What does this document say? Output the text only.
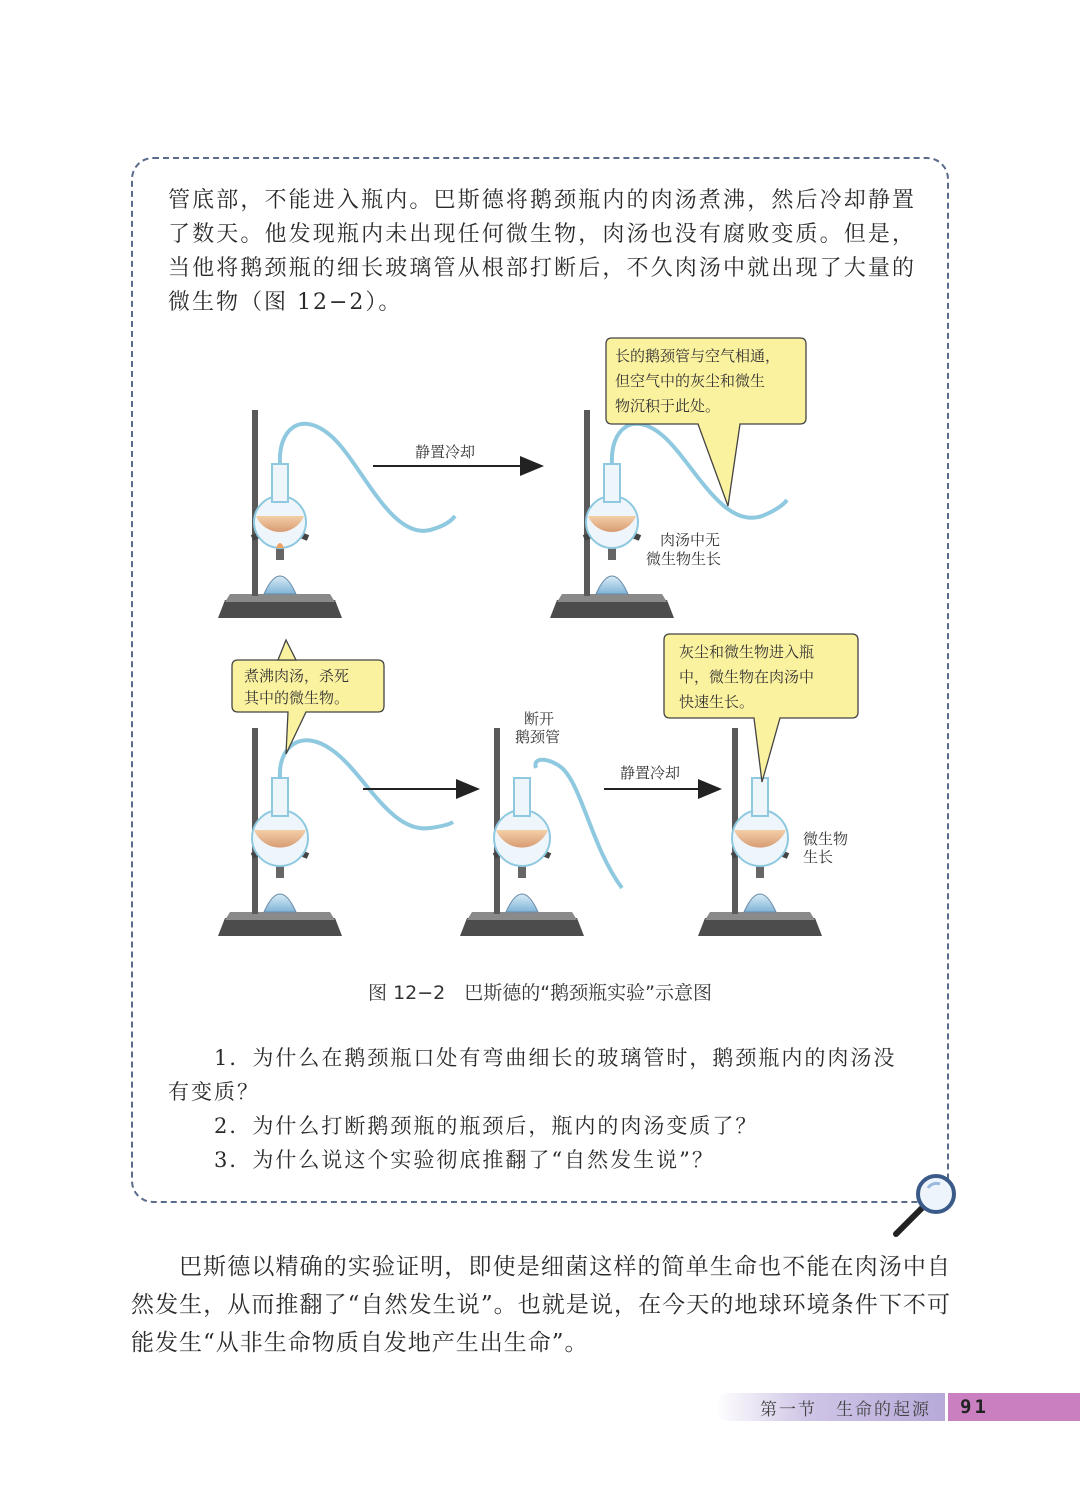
管底部，不能进入瓶内。巴斯德将鹅颈瓶内的肉汤煮沸，然后冷却静置了数天。他发现瓶内未出现任何微生物，肉汤也没有腐败变质。但是，当他将鹅颈瓶的细长玻璃管从根部打断后，不久肉汤中就出现了大量的微生物（图 12−2）。

静置冷却
静置冷却
长的鹅颈管与空气相通， 但空气中的灰尘和微生 物沉积于此处。
肉汤中无 微生物生长
煮沸肉汤，杀死 其中的微生物。
断开 鹅颈管
灰尘和微生物进入瓶 中，微生物在肉汤中 快速生长。
微生物 生长
图 12−2　巴斯德的“鹅颈瓶实验”示意图

1．为什么在鹅颈瓶口处有弯曲细长的玻璃管时，鹅颈瓶内的肉汤没有变质？

2．为什么打断鹅颈瓶的瓶颈后，瓶内的肉汤变质了？

3．为什么说这个实验彻底推翻了“自然发生说”？

巴斯德以精确的实验证明，即使是细菌这样的简单生命也不能在肉汤中自然发生，从而推翻了“自然发生说”。也就是说，在今天的地球环境条件下不可能发生“从非生命物质自发地产生出生命”。

第一节　生命的起源	91
